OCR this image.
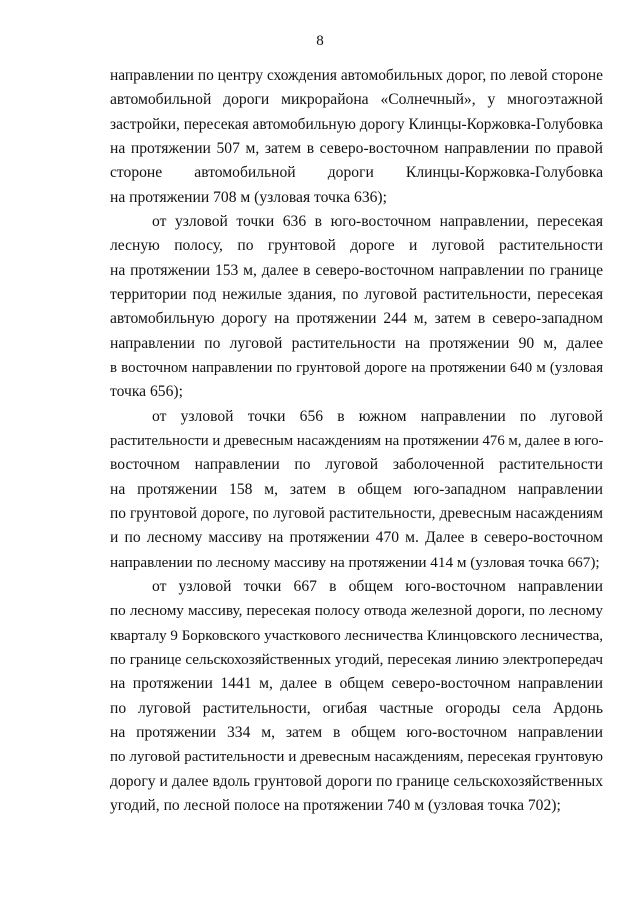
8
направлении по центру схождения автомобильных дорог, по левой стороне
автомобильной дороги микрорайона «Солнечный», у многоэтажной
застройки, пересекая автомобильную дорогу Клинцы-Коржовка-Голубовка
на протяжении 507 м, затем в северо-восточном направлении по правой
стороне автомобильной дороги Клинцы-Коржовка-Голубовка
на протяжении 708 м (узловая точка 636);
от узловой точки 636 в юго-восточном направлении, пересекая
лесную полосу, по грунтовой дороге и луговой растительности
на протяжении 153 м, далее в северо-восточном направлении по границе
территории под нежилые здания, по луговой растительности, пересекая
автомобильную дорогу на протяжении 244 м, затем в северо-западном
направлении по луговой растительности на протяжении 90 м, далее
в восточном направлении по грунтовой дороге на протяжении 640 м (узловая
точка 656);
от узловой точки 656 в южном направлении по луговой
растительности и древесным насаждениям на протяжении 476 м, далее в юго-
восточном направлении по луговой заболоченной растительности
на протяжении 158 м, затем в общем юго-западном направлении
по грунтовой дороге, по луговой растительности, древесным насаждениям
и по лесному массиву на протяжении 470 м. Далее в северо-восточном
направлении по лесному массиву на протяжении 414 м (узловая точка 667);
от узловой точки 667 в общем юго-восточном направлении
по лесному массиву, пересекая полосу отвода железной дороги, по лесному
кварталу 9 Борковского участкового лесничества Клинцовского лесничества,
по границе сельскохозяйственных угодий, пересекая линию электропередач
на протяжении 1441 м, далее в общем северо-восточном направлении
по луговой растительности, огибая частные огороды села Ардонь
на протяжении 334 м, затем в общем юго-восточном направлении
по луговой растительности и древесным насаждениям, пересекая грунтовую
дорогу и далее вдоль грунтовой дороги по границе сельскохозяйственных
угодий, по лесной полосе на протяжении 740 м (узловая точка 702);
